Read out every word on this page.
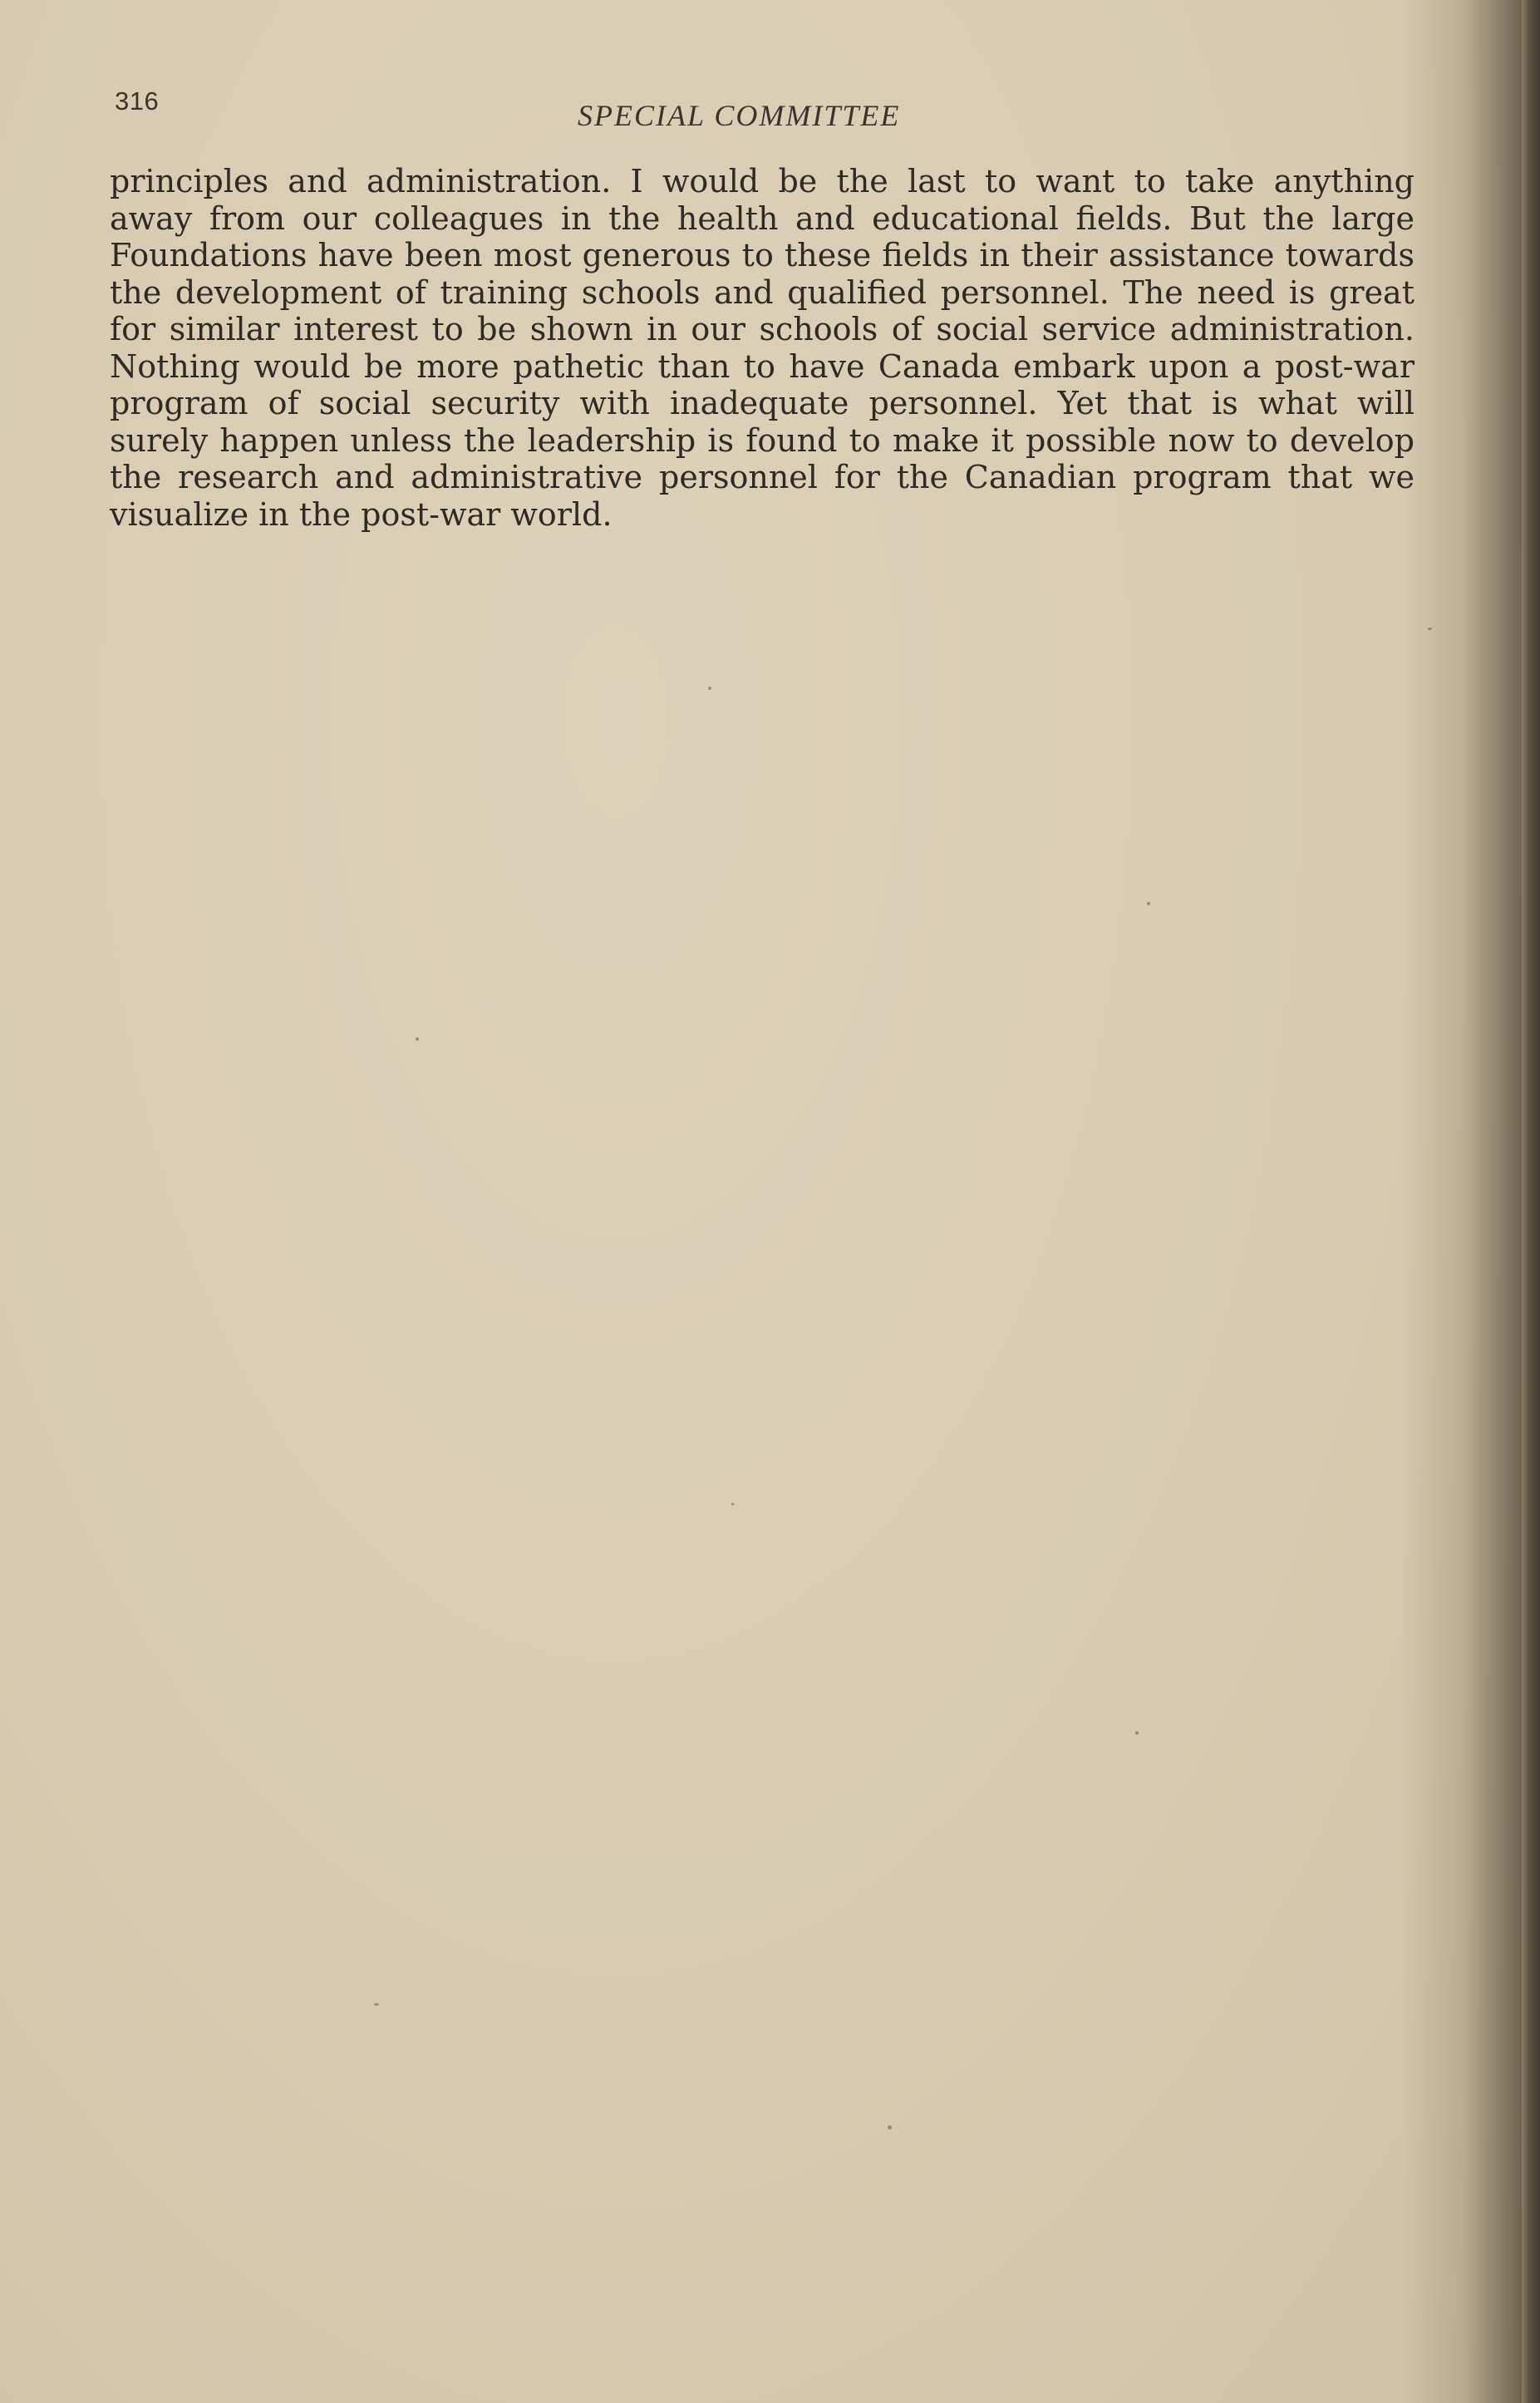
316	SPECIAL COMMITTEE

principles and administration. I would be the last to want to take anything
away from our colleagues in the health and educational fields. But the large
Foundations have been most generous to these fields in their assistance towards
the development of training schools and qualified personnel. The need is great
for similar interest to be shown in our schools of social service administration.
Nothing would be more pathetic than to have Canada embark upon a post-war
program of social security with inadequate personnel. Yet that is what will
surely happen unless the leadership is found to make it possible now to develop
the research and administrative personnel for the Canadian program that we
visualize in the post-war world.
